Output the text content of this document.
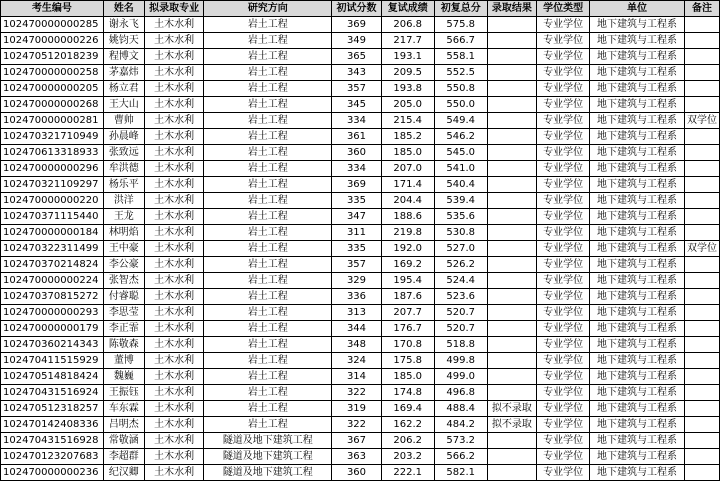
考生编号	姓名	拟录取专业	研究方向	初试分数	复试成绩	初复总分	录取结果	学位类型	单位	备注
102470000000285	谢永飞	土木水利	岩土工程	369	206.8	575.8		专业学位	地下建筑与工程系	
102470000000226	姚钧天	土木水利	岩土工程	349	217.7	566.7		专业学位	地下建筑与工程系	
102470512018239	程博文	土木水利	岩土工程	365	193.1	558.1		专业学位	地下建筑与工程系	
102470000000258	茅嘉炜	土木水利	岩土工程	343	209.5	552.5		专业学位	地下建筑与工程系	
102470000000205	杨立君	土木水利	岩土工程	357	193.8	550.8		专业学位	地下建筑与工程系	
102470000000268	王大山	土木水利	岩土工程	345	205.0	550.0		专业学位	地下建筑与工程系	
102470000000281	曹帅	土木水利	岩土工程	334	215.4	549.4		专业学位	地下建筑与工程系	双学位
102470321710949	孙晨峰	土木水利	岩土工程	361	185.2	546.2		专业学位	地下建筑与工程系	
102470613318933	张致远	土木水利	岩土工程	360	185.0	545.0		专业学位	地下建筑与工程系	
102470000000296	牟洪德	土木水利	岩土工程	334	207.0	541.0		专业学位	地下建筑与工程系	
102470321109297	杨乐平	土木水利	岩土工程	369	171.4	540.4		专业学位	地下建筑与工程系	
102470000000220	洪洋	土木水利	岩土工程	335	204.4	539.4		专业学位	地下建筑与工程系	
102470371115440	王龙	土木水利	岩土工程	347	188.6	535.6		专业学位	地下建筑与工程系	
102470000000184	林明焰	土木水利	岩土工程	311	219.8	530.8		专业学位	地下建筑与工程系	
102470322311499	王中豪	土木水利	岩土工程	335	192.0	527.0		专业学位	地下建筑与工程系	双学位
102470370214824	李公豪	土木水利	岩土工程	357	169.2	526.2		专业学位	地下建筑与工程系	
102470000000224	张智杰	土木水利	岩土工程	329	195.4	524.4		专业学位	地下建筑与工程系	
102470370815272	付睿聪	土木水利	岩土工程	336	187.6	523.6		专业学位	地下建筑与工程系	
102470000000293	李思莹	土木水利	岩土工程	313	207.7	520.7		专业学位	地下建筑与工程系	
102470000000179	李正霏	土木水利	岩土工程	344	176.7	520.7		专业学位	地下建筑与工程系	
102470360214343	陈敬森	土木水利	岩土工程	348	170.8	518.8		专业学位	地下建筑与工程系	
102470411515929	董博	土木水利	岩土工程	324	175.8	499.8		专业学位	地下建筑与工程系	
102470514818424	魏巍	土木水利	岩土工程	314	185.0	499.0		专业学位	地下建筑与工程系	
102470431516924	王振钰	土木水利	岩土工程	322	174.8	496.8		专业学位	地下建筑与工程系	
102470512318257	车东霖	土木水利	岩土工程	319	169.4	488.4	拟不录取	专业学位	地下建筑与工程系	
102470142408336	吕明杰	土木水利	岩土工程	322	162.2	484.2	拟不录取	专业学位	地下建筑与工程系	
102470431516928	常敬涵	土木水利	隧道及地下建筑工程	367	206.2	573.2		专业学位	地下建筑与工程系	
102470123207683	李超群	土木水利	隧道及地下建筑工程	363	203.2	566.2		专业学位	地下建筑与工程系	
102470000000236	纪汉卿	土木水利	隧道及地下建筑工程	360	222.1	582.1		专业学位	地下建筑与工程系	
